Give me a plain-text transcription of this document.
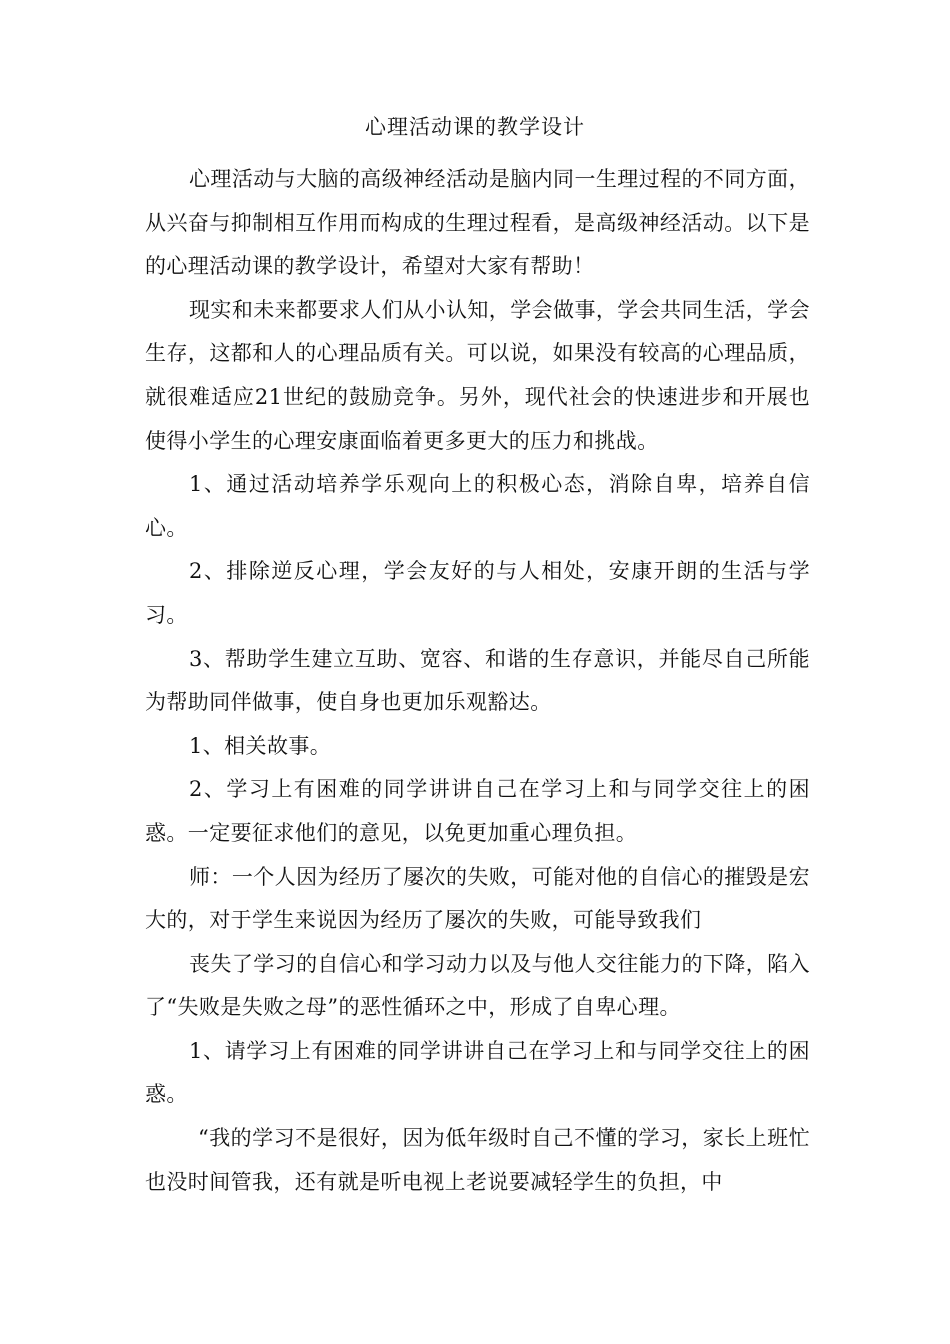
心理活动课的教学设计

心理活动与大脑的高级神经活动是脑内同一生理过程的不同方面，从兴奋与抑制相互作用而构成的生理过程看，是高级神经活动。以下是的心理活动课的教学设计，希望对大家有帮助！

现实和未来都要求人们从小认知，学会做事，学会共同生活，学会生存，这都和人的心理品质有关。可以说，如果没有较高的心理品质，就很难适应21世纪的鼓励竞争。另外，现代社会的快速进步和开展也使得小学生的心理安康面临着更多更大的压力和挑战。

1、通过活动培养学乐观向上的积极心态，消除自卑，培养自信心。

2、排除逆反心理，学会友好的与人相处，安康开朗的生活与学习。

3、帮助学生建立互助、宽容、和谐的生存意识，并能尽自己所能为帮助同伴做事，使自身也更加乐观豁达。

1、相关故事。

2、学习上有困难的同学讲讲自己在学习上和与同学交往上的困惑。一定要征求他们的意见，以免更加重心理负担。

师：一个人因为经历了屡次的失败，可能对他的自信心的摧毁是宏大的，对于学生来说因为经历了屡次的失败，可能导致我们

丧失了学习的自信心和学习动力以及与他人交往能力的下降，陷入了“失败是失败之母”的恶性循环之中，形成了自卑心理。

1、请学习上有困难的同学讲讲自己在学习上和与同学交往上的困惑。

“我的学习不是很好，因为低年级时自己不懂的学习，家长上班忙也没时间管我，还有就是听电视上老说要减轻学生的负担，中
